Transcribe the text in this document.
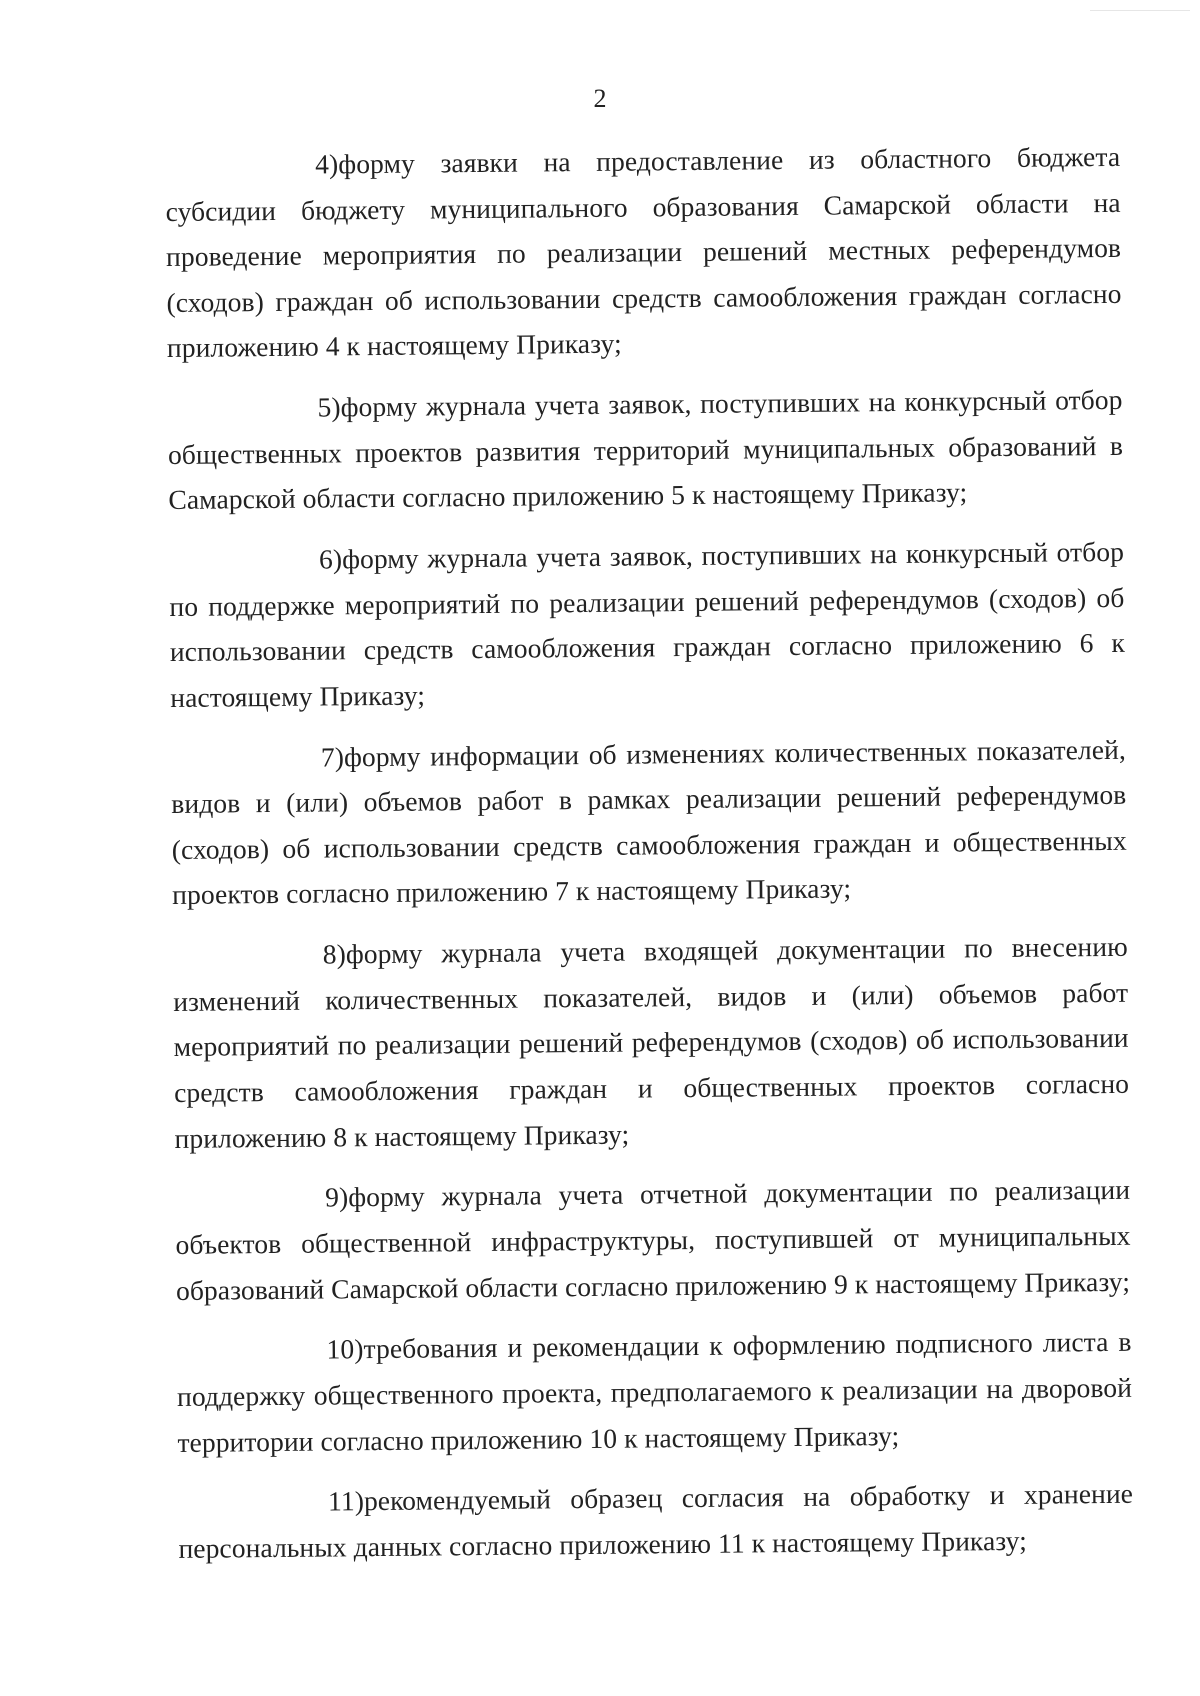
2

4)форму заявки на предоставление из областного бюджета субсидии бюджету муниципального образования Самарской области на проведение мероприятия по реализации решений местных референдумов (сходов) граждан об использовании средств самообложения граждан согласно приложению 4 к настоящему Приказу;

5)форму журнала учета заявок, поступивших на конкурсный отбор общественных проектов развития территорий муниципальных образований в Самарской области согласно приложению 5 к настоящему Приказу;

6)форму журнала учета заявок, поступивших на конкурсный отбор по поддержке мероприятий по реализации решений референдумов (сходов) об использовании средств самообложения граждан согласно приложению 6 к настоящему Приказу;

7)форму информации об изменениях количественных показателей, видов и (или) объемов работ в рамках реализации решений референдумов (сходов) об использовании средств самообложения граждан и общественных проектов согласно приложению 7 к настоящему Приказу;

8)форму журнала учета входящей документации по внесению изменений количественных показателей, видов и (или) объемов работ мероприятий по реализации решений референдумов (сходов) об использовании средств самообложения граждан и общественных проектов согласно приложению 8 к настоящему Приказу;

9)форму журнала учета отчетной документации по реализации объектов общественной инфраструктуры, поступившей от муниципальных образований Самарской области согласно приложению 9 к настоящему Приказу;

10)требования и рекомендации к оформлению подписного листа в поддержку общественного проекта, предполагаемого к реализации на дворовой территории согласно приложению 10 к настоящему Приказу;

11)рекомендуемый образец согласия на обработку и хранение персональных данных согласно приложению 11 к настоящему Приказу;
